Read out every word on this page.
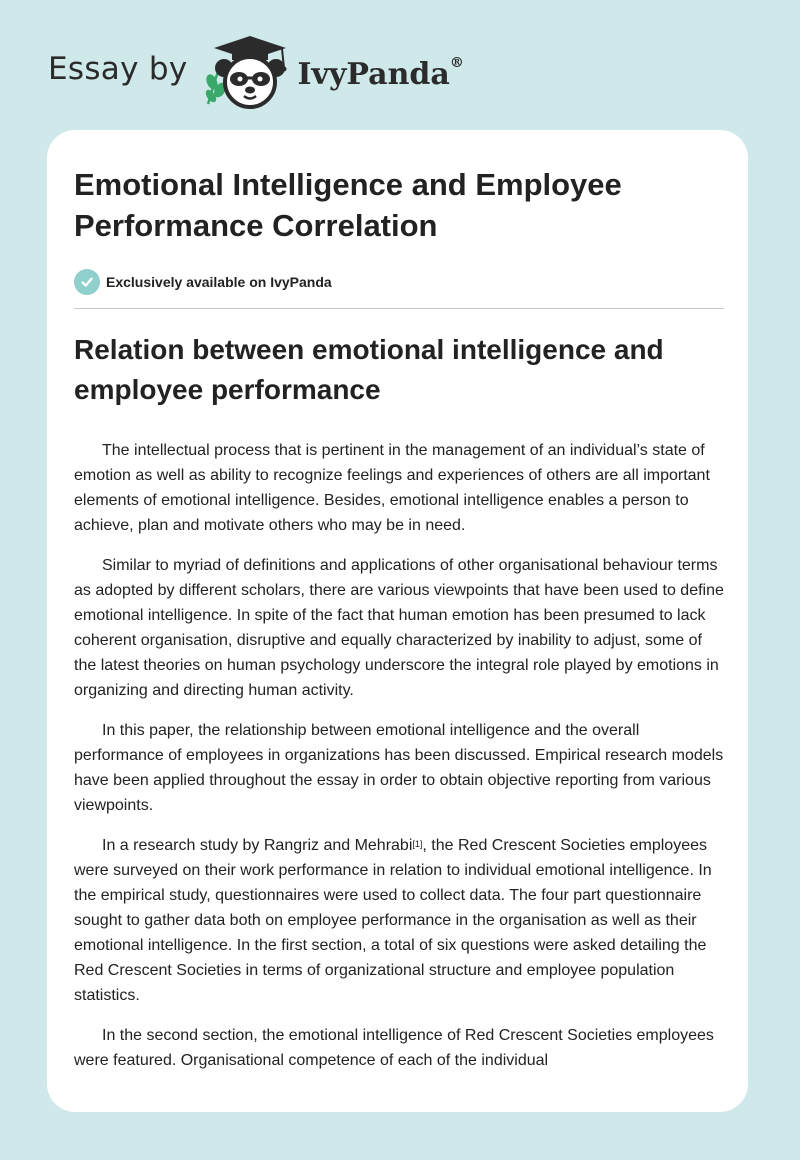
Essay by	IvyPanda®
Emotional Intelligence and Employee
Performance Correlation
Exclusively available on IvyPanda
Relation between emotional intelligence and
employee performance

The intellectual process that is pertinent in the management of an individual’s state of emotion as well as ability to recognize feelings and experiences of others are all important elements of emotional intelligence. Besides, emotional intelligence enables a person to achieve, plan and motivate others who may be in need.

Similar to myriad of definitions and applications of other organisational behaviour terms as adopted by different scholars, there are various viewpoints that have been used to define emotional intelligence. In spite of the fact that human emotion has been presumed to lack coherent organisation, disruptive and equally characterized by inability to adjust, some of the latest theories on human psychology underscore the integral role played by emotions in organizing and directing human activity.

In this paper, the relationship between emotional intelligence and the overall performance of employees in organizations has been discussed. Empirical research models have been applied throughout the essay in order to obtain objective reporting from various viewpoints.

In a research study by Rangriz and Mehrabi[1], the Red Crescent Societies employees were surveyed on their work performance in relation to individual emotional intelligence. In the empirical study, questionnaires were used to collect data. The four part questionnaire sought to gather data both on employee performance in the organisation as well as their emotional intelligence. In the first section, a total of six questions were asked detailing the Red Crescent Societies in terms of organizational structure and employee population statistics.

In the second section, the emotional intelligence of Red Crescent Societies employees were featured. Organisational competence of each of the individual
